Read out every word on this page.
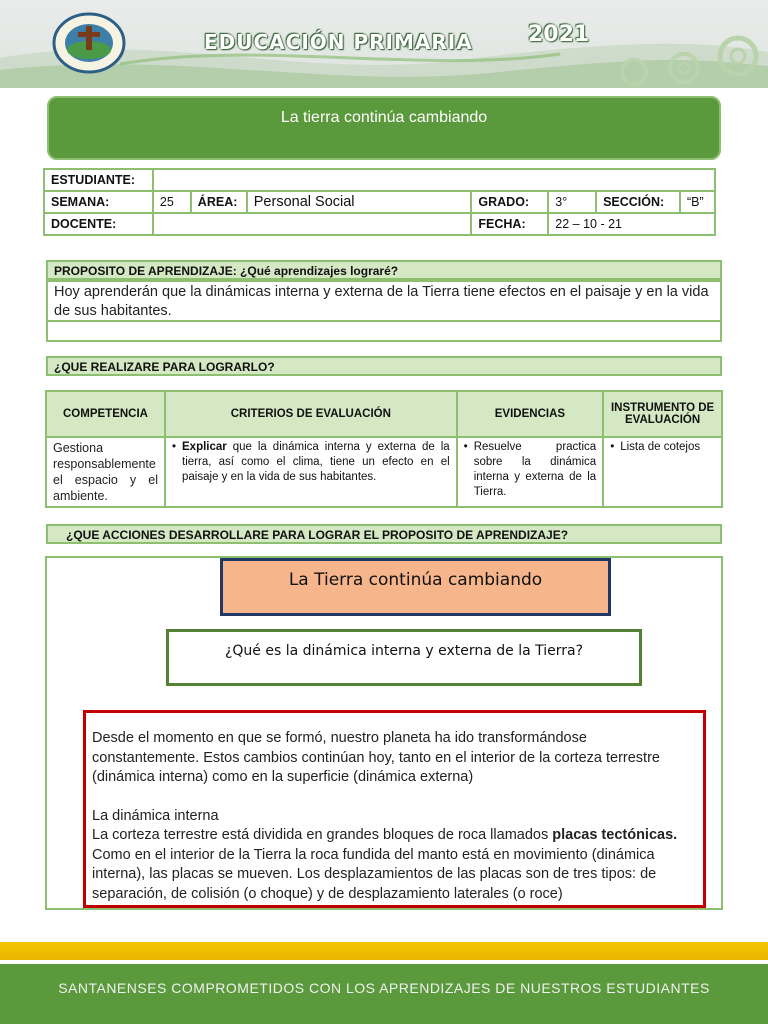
EDUCACIÓN PRIMARIA	2021
La tierra continúa cambiando
ESTUDIANTE:							
SEMANA:	25	ÁREA:	Personal Social	GRADO:	3°	SECCIÓN:	“B”
DOCENTE:				FECHA:	22 – 10 - 21		
PROPOSITO DE APRENDIZAJE: ¿Qué aprendizajes lograré?
Hoy aprenderán que la dinámicas interna y externa de la Tierra tiene efectos en el paisaje y en la vida de sus habitantes.
¿QUE REALIZARE PARA LOGRARLO?
COMPETENCIA	CRITERIOS DE EVALUACIÓN	EVIDENCIAS	INSTRUMENTO DE EVALUACIÓN
Gestiona responsablemente el espacio y el ambiente.	• Explicar que la dinámica interna y externa de la tierra, así como el clima, tiene un efecto en el paisaje y en la vida de sus habitantes.	• Resuelve practica sobre la dinámica interna y externa de la Tierra.	• Lista de cotejos
¿QUE ACCIONES DESARROLLARE PARA LOGRAR EL PROPOSITO DE APRENDIZAJE?
La Tierra continúa cambiando
¿Qué es la dinámica interna y externa de la Tierra?

Desde el momento en que se formó, nuestro planeta ha ido transformándose constantemente. Estos cambios continúan hoy, tanto en el interior de la corteza terrestre (dinámica interna) como en la superficie (dinámica externa)

La dinámica interna

La corteza terrestre está dividida en grandes bloques de roca llamados placas tectónicas. Como en el interior de la Tierra la roca fundida del manto está en movimiento (dinámica interna), las placas se mueven. Los desplazamientos de las placas son de tres tipos: de separación, de colisión (o choque) y de desplazamiento laterales (o roce)

SANTANENSES COMPROMETIDOS CON LOS APRENDIZAJES DE NUESTROS ESTUDIANTES
